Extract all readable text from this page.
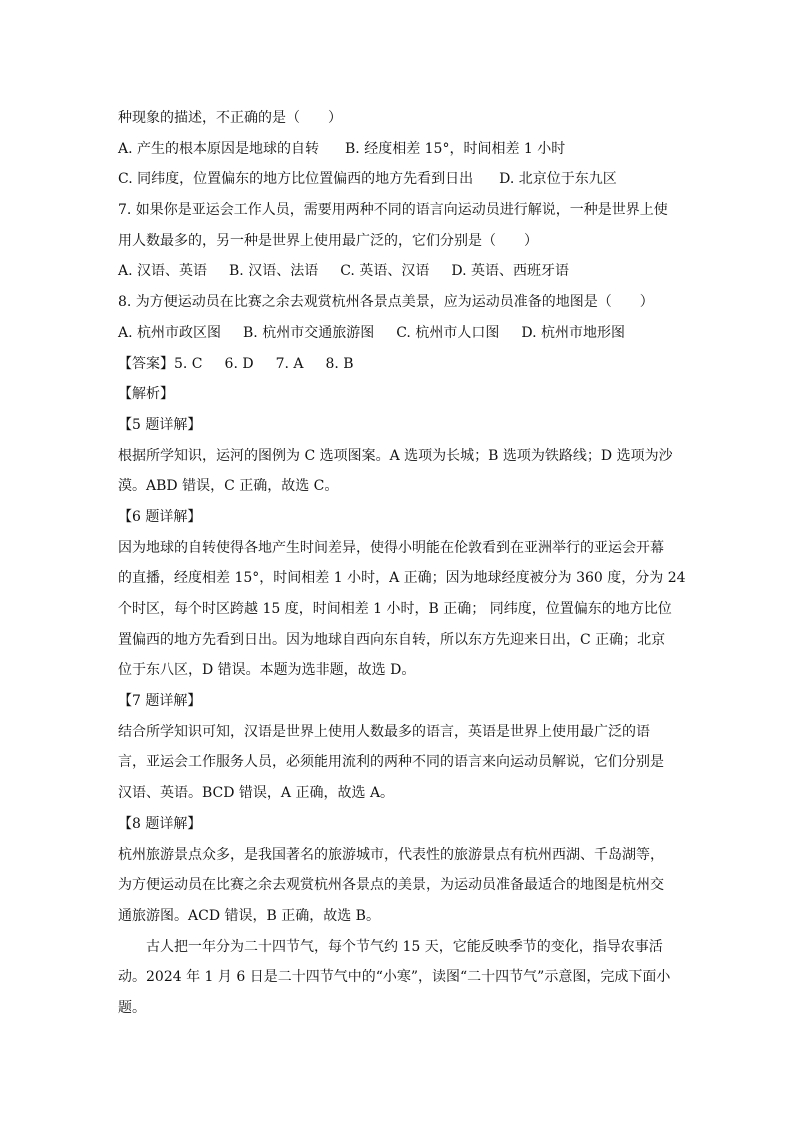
种现象的描述，不正确的是（　　）
A. 产生的根本原因是地球的自转 B. 经度相差 15°，时间相差 1 小时
C. 同纬度，位置偏东的地方比位置偏西的地方先看到日出 D. 北京位于东九区
7. 如果你是亚运会工作人员，需要用两种不同的语言向运动员进行解说，一种是世界上使
用人数最多的，另一种是世界上使用最广泛的，它们分别是（　　）
A. 汉语、英语 B. 汉语、法语 C. 英语、汉语 D. 英语、西班牙语
8. 为方便运动员在比赛之余去观赏杭州各景点美景，应为运动员准备的地图是（　　）
A. 杭州市政区图 B. 杭州市交通旅游图 C. 杭州市人口图 D. 杭州市地形图
【答案】5. C 6. D 7. A 8. B
【解析】
【5 题详解】
根据所学知识，运河的图例为 C 选项图案。A 选项为长城；B 选项为铁路线；D 选项为沙
漠。ABD 错误，C 正确，故选 C。
【6 题详解】
因为地球的自转使得各地产生时间差异，使得小明能在伦敦看到在亚洲举行的亚运会开幕
的直播，经度相差 15°，时间相差 1 小时，A 正确；因为地球经度被分为 360 度，分为 24
个时区，每个时区跨越 15 度，时间相差 1 小时，B 正确； 同纬度，位置偏东的地方比位
置偏西的地方先看到日出。因为地球自西向东自转，所以东方先迎来日出，C 正确；北京
位于东八区，D 错误。本题为选非题，故选 D。
【7 题详解】
结合所学知识可知，汉语是世界上使用人数最多的语言，英语是世界上使用最广泛的语
言，亚运会工作服务人员，必须能用流利的两种不同的语言来向运动员解说，它们分别是
汉语、英语。BCD 错误，A 正确，故选 A。
【8 题详解】
杭州旅游景点众多，是我国著名的旅游城市，代表性的旅游景点有杭州西湖、千岛湖等，
为方便运动员在比赛之余去观赏杭州各景点的美景，为运动员准备最适合的地图是杭州交
通旅游图。ACD 错误，B 正确，故选 B。
古人把一年分为二十四节气，每个节气约 15 天，它能反映季节的变化，指导农事活
动。2024 年 1 月 6 日是二十四节气中的“小寒”，读图“二十四节气”示意图，完成下面小
题。
